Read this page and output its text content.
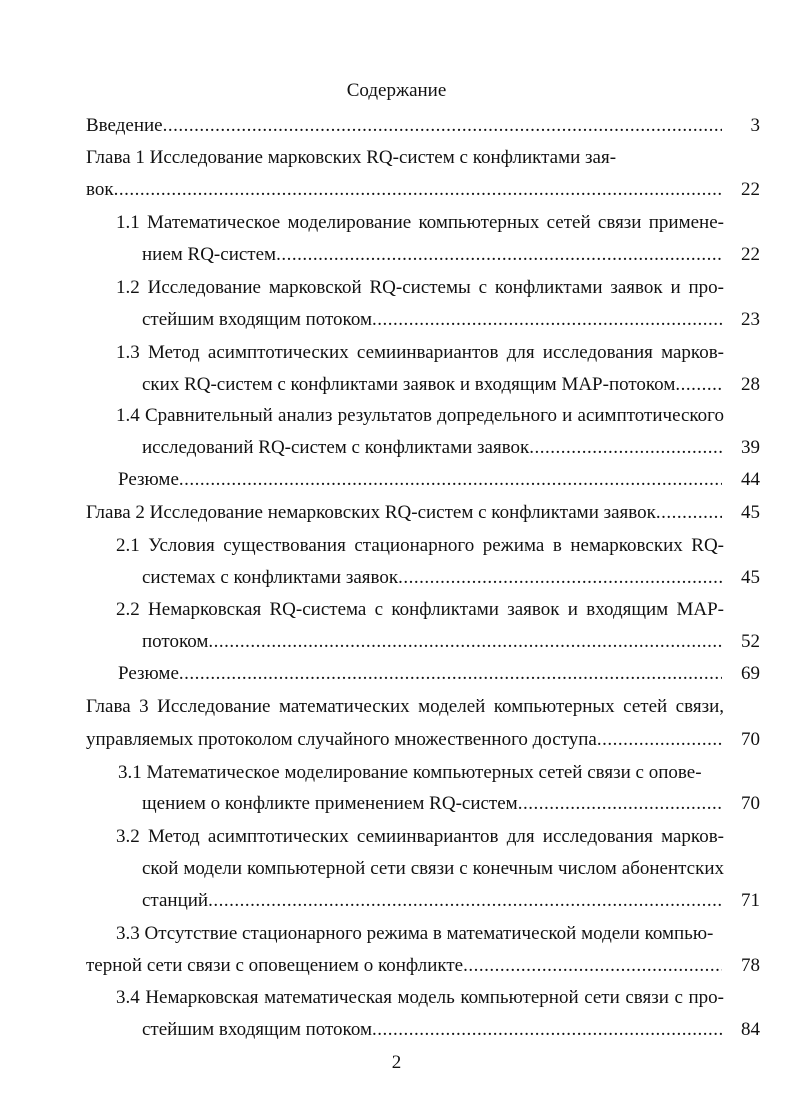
Содержание
Введение .....	3
Глава 1 Исследование марковских RQ-систем с конфликтами зая-
вок .....	22
1.1 Математическое моделирование компьютерных сетей связи примене-
нием RQ-систем .....	22
1.2 Исследование марковской RQ-системы с конфликтами заявок и про-
стейшим входящим потоком .....	23
1.3 Метод асимптотических семиинвариантов для исследования марков-
ских RQ-систем с конфликтами заявок и входящим MAP-потоком .....	28
1.4 Сравнительный анализ результатов допредельного и асимптотического
исследований RQ-систем с конфликтами заявок .....	39
Резюме .....	44
Глава 2 Исследование немарковских RQ-систем с конфликтами заявок .....	45
2.1 Условия существования стационарного режима в немарковских RQ-
системах с конфликтами заявок .....	45
2.2 Немарковская RQ-система с конфликтами заявок и входящим MAP-
потоком .....	52
Резюме .....	69
Глава 3 Исследование математических моделей компьютерных сетей связи,
управляемых протоколом случайного множественного доступа .....	70
3.1 Математическое моделирование компьютерных сетей связи с опове-
щением о конфликте применением RQ-систем .....	70
3.2 Метод асимптотических семиинвариантов для исследования марков-
ской модели компьютерной сети связи с конечным числом абонентских
станций .....	71
3.3 Отсутствие стационарного режима в математической модели компью-
терной сети связи с оповещением о конфликте .....	78
3.4 Немарковская математическая модель компьютерной сети связи с про-
стейшим входящим потоком .....	84
2
